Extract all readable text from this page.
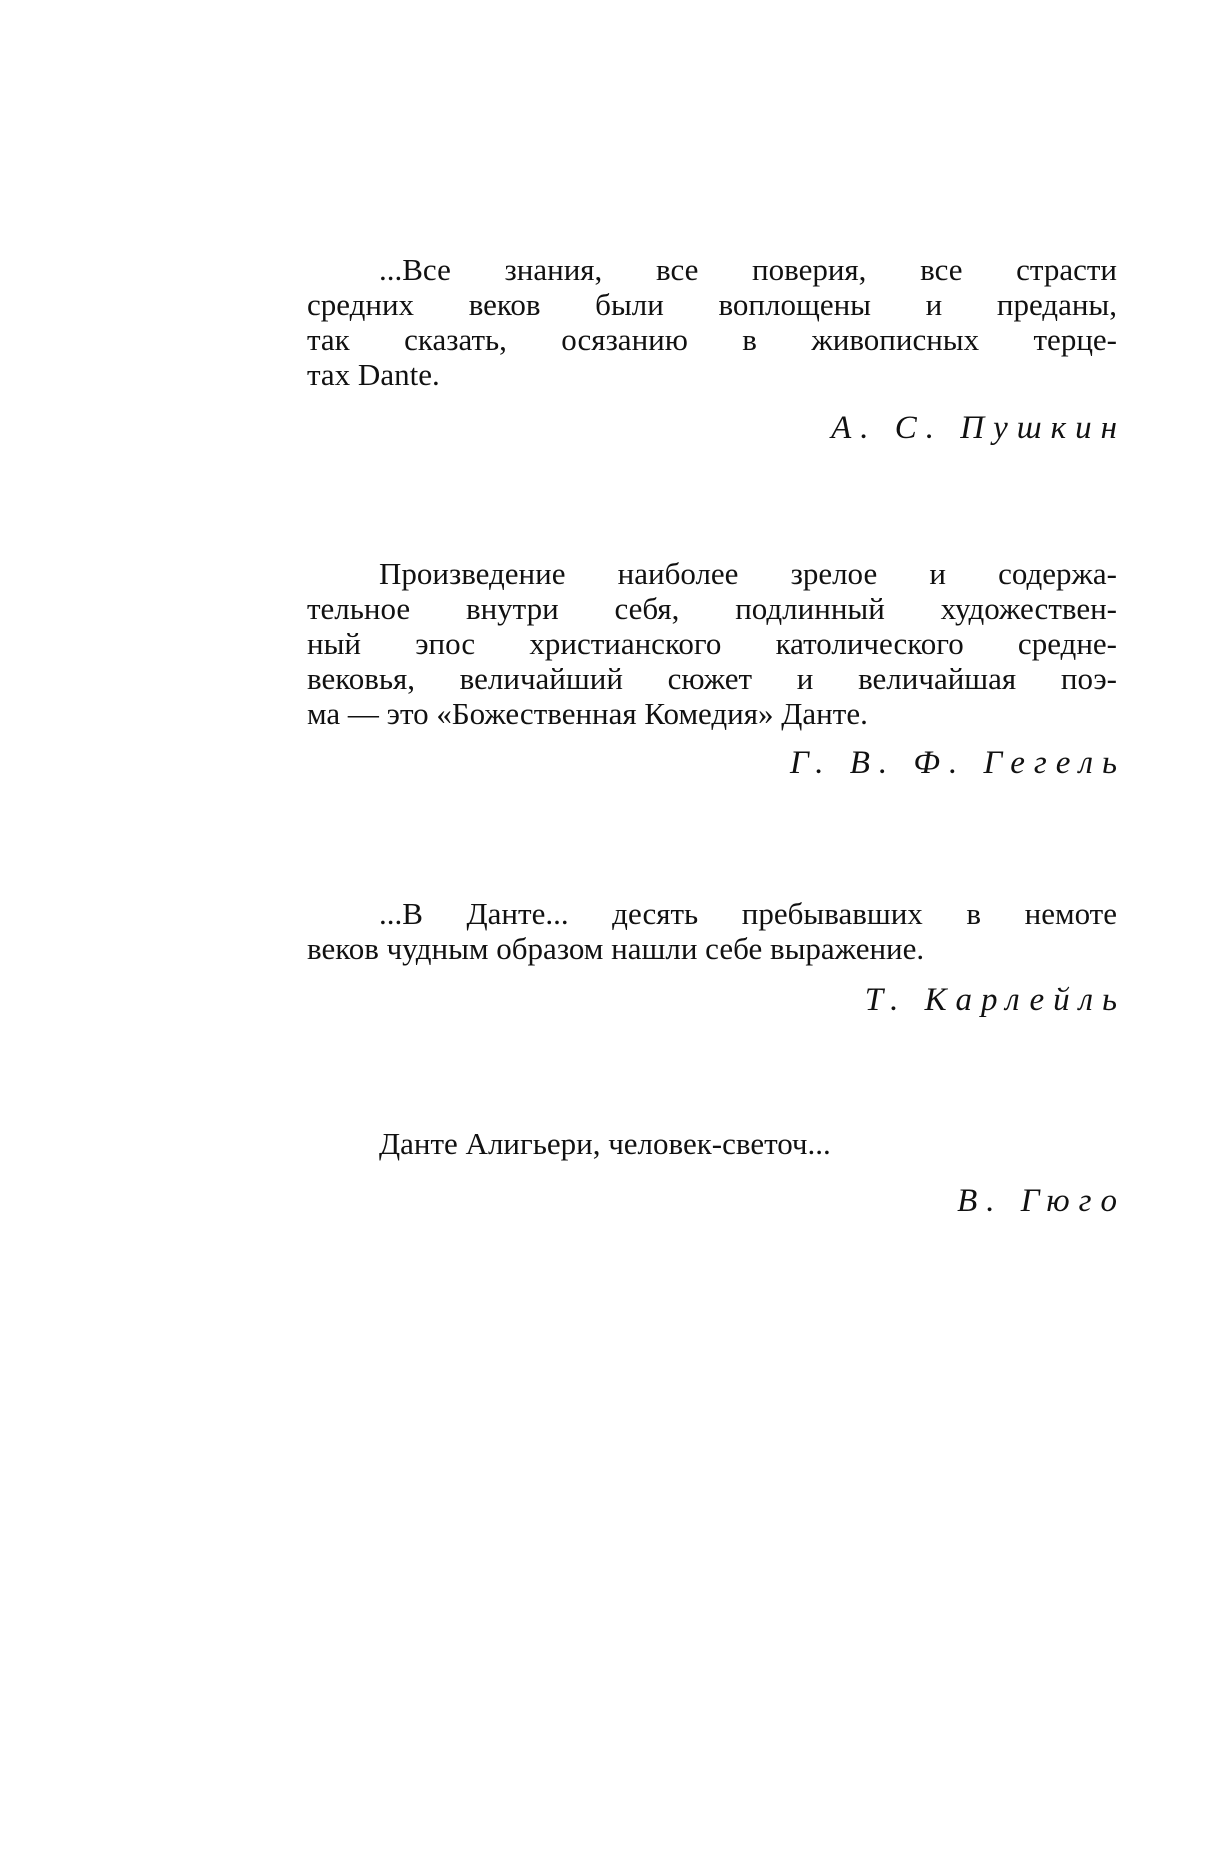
...Все знания, все поверия, все страсти
средних веков были воплощены и преданы,
так сказать, осязанию в живописных терце-
тах Dante.
А. С. Пушкин
Произведение наиболее зрелое и содержа-
тельное внутри себя, подлинный художествен-
ный эпос христианского католического средне-
вековья, величайший сюжет и величайшая поэ-
ма — это «Божественная Комедия» Данте.
Г. В. Ф. Гегель
...В Данте... десять пребывавших в немоте
веков чудным образом нашли себе выражение.
Т. Карлейль
Данте Алигьери, человек-светоч...
В. Гюго
